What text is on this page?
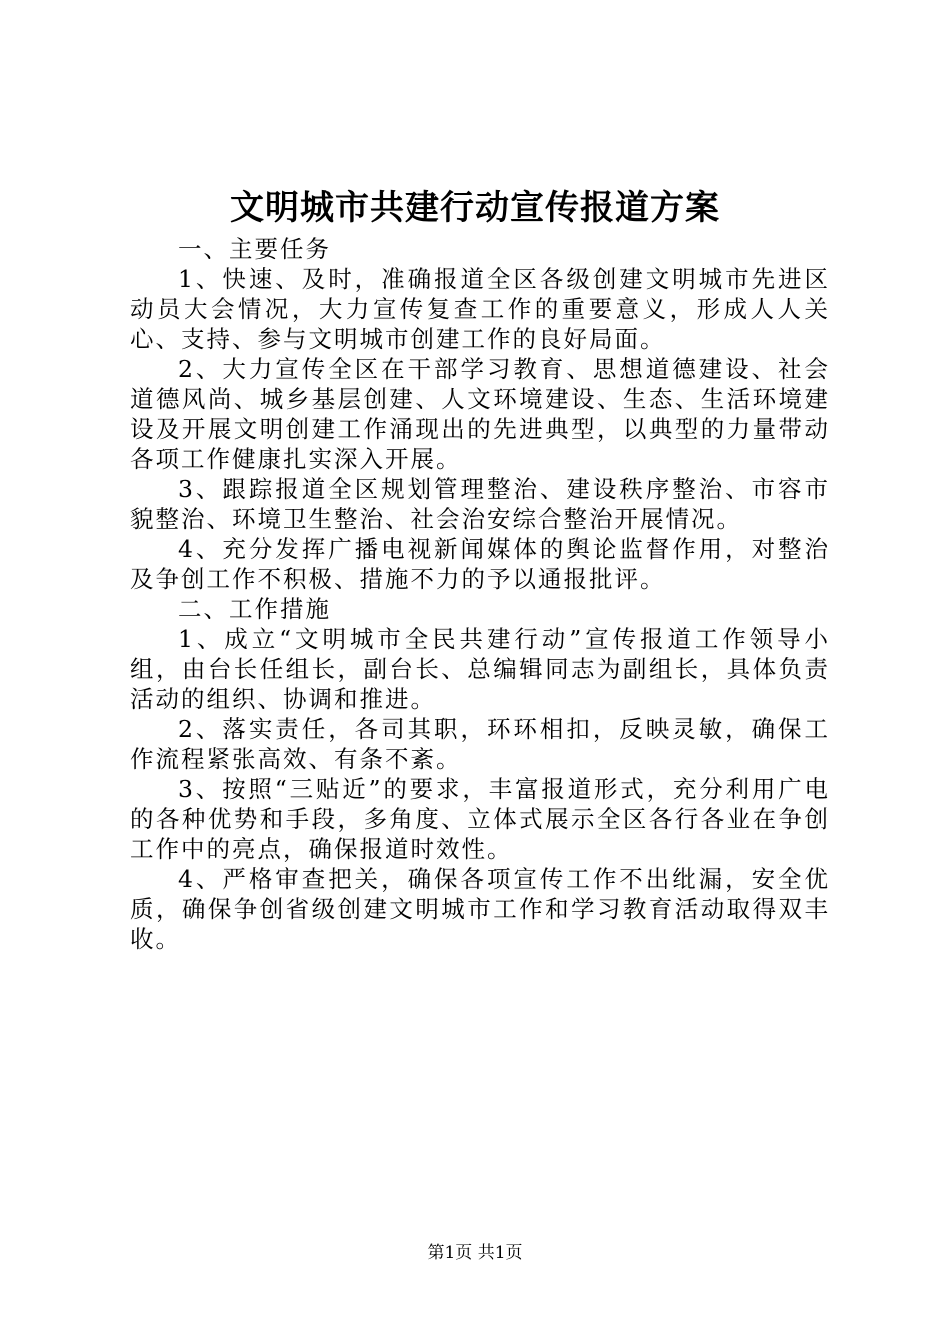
文明城市共建行动宣传报道方案

一、主要任务

1、快速、及时，准确报道全区各级创建文明城市先进区动员大会情况，大力宣传复查工作的重要意义，形成人人关心、支持、参与文明城市创建工作的良好局面。

2、大力宣传全区在干部学习教育、思想道德建设、社会道德风尚、城乡基层创建、人文环境建设、生态、生活环境建设及开展文明创建工作涌现出的先进典型，以典型的力量带动各项工作健康扎实深入开展。

3、跟踪报道全区规划管理整治、建设秩序整治、市容市貌整治、环境卫生整治、社会治安综合整治开展情况。

4、充分发挥广播电视新闻媒体的舆论监督作用，对整治及争创工作不积极、措施不力的予以通报批评。

二、工作措施

1、成立“文明城市全民共建行动”宣传报道工作领导小组，由台长任组长，副台长、总编辑同志为副组长，具体负责活动的组织、协调和推进。

2、落实责任，各司其职，环环相扣，反映灵敏，确保工作流程紧张高效、有条不紊。

3、按照“三贴近”的要求，丰富报道形式，充分利用广电的各种优势和手段，多角度、立体式展示全区各行各业在争创工作中的亮点，确保报道时效性。

4、严格审查把关，确保各项宣传工作不出纰漏，安全优质，确保争创省级创建文明城市工作和学习教育活动取得双丰收。

第1页 共1页
